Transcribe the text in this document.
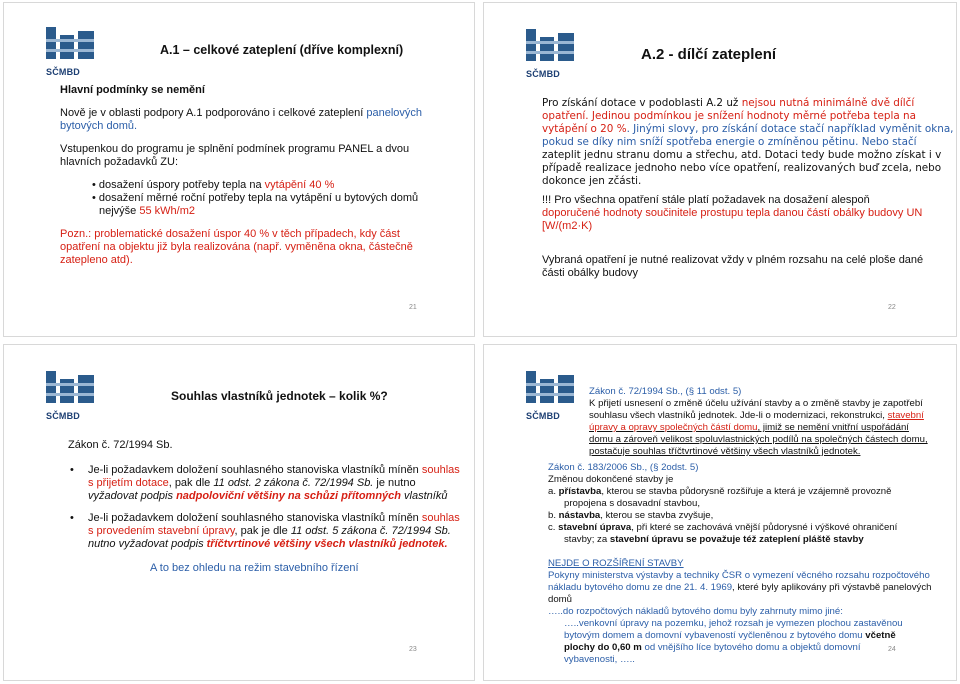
SČMBD
A.1 – celkové zateplení (dříve komplexní)
Hlavní podmínky se nemění
Nově je v oblasti podpory A.1 podporováno i celkové zateplení panelových
bytových domů.
Vstupenkou do programu je splnění podmínek programu PANEL a dvou
hlavních požadavků ZU:
• dosažení úspory potřeby tepla na vytápění 40 %
• dosažení měrné roční potřeby tepla na vytápění u bytových domů
nejvýše 55 kWh/m2
Pozn.: problematické dosažení úspor 40 % v těch případech, kdy část
opatření na objektu již byla realizována (např. vyměněna okna, částečně
zatepleno atd).
21
SČMBD
A.2 - dílčí zateplení
Pro získání dotace v podoblasti A.2 už nejsou nutná minimálně dvě dílčí
opatření. Jedinou podmínkou je snížení hodnoty měrné potřeba tepla na
vytápění o 20 %. Jinými slovy, pro získání dotace stačí například vyměnit okna,
pokud se díky nim sníží spotřeba energie o zmíněnou pětinu. Nebo stačí
zateplit jednu stranu domu a střechu, atd. Dotaci tedy bude možno získat i v
případě realizace jednoho nebo více opatření, realizovaných buď zcela, nebo
dokonce jen zčásti.
!!! Pro všechna opatření stále platí požadavek na dosažení alespoň
doporučené hodnoty součinitele prostupu tepla danou částí obálky budovy UN
[W/(m2·K)
Vybraná opatření je nutné realizovat vždy v plném rozsahu na celé ploše dané
části obálky budovy
22
SČMBD
Souhlas vlastníků jednotek – kolik %?
Zákon č. 72/1994 Sb.
• Je-li požadavkem doložení souhlasného stanoviska vlastníků míněn souhlas
s přijetím dotace, pak dle 11 odst. 2 zákona č. 72/1994 Sb. je nutno
vyžadovat podpis nadpoloviční většiny na schůzi přítomných vlastníků
• Je-li požadavkem doložení souhlasného stanoviska vlastníků míněn souhlas
s provedením stavební úpravy, pak je dle 11 odst. 5 zákona č. 72/1994 Sb.
nutno vyžadovat podpis tříčtvrtinové většiny všech vlastníků jednotek.
A to bez ohledu na režim stavebního řízení
23
SČMBD
Zákon č. 72/1994 Sb., (§ 11 odst. 5)
K přijetí usnesení o změně účelu užívání stavby a o změně stavby je zapotřebí
souhlasu všech vlastníků jednotek. Jde-li o modernizaci, rekonstrukci, stavební
úpravy a opravy společných částí domu, jimiž se nemění vnitřní uspořádání
domu a zároveň velikost spoluvlastnických podílů na společných částech domu,
postačuje souhlas tříčtvrtinové většiny všech vlastníků jednotek.
Zákon č. 183/2006 Sb., (§ 2odst. 5)
Změnou dokončené stavby je
a. přístavba, kterou se stavba půdorysně rozšiřuje a která je vzájemně provozně
propojena s dosavadní stavbou,
b. nástavba, kterou se stavba zvyšuje,
c. stavební úprava, při které se zachovává vnější půdorysné i výškové ohraničení
stavby; za stavební úpravu se považuje též zateplení pláště stavby
NEJDE O ROZŠÍŘENÍ STAVBY
Pokyny ministerstva výstavby a techniky ČSR o vymezení věcného rozsahu rozpočtového
nákladu bytového domu ze dne 21. 4. 1969, které byly aplikovány při výstavbě panelových
domů
…..do rozpočtových nákladů bytového domu byly zahrnuty mimo jiné:
…..venkovní úpravy na pozemku, jehož rozsah je vymezen plochou zastavěnou
bytovým domem a domovní vybaveností vyčleněnou z bytového domu včetně
plochy do 0,60 m od vnějšího líce bytového domu a objektů domovní
vybavenosti, …..
24
